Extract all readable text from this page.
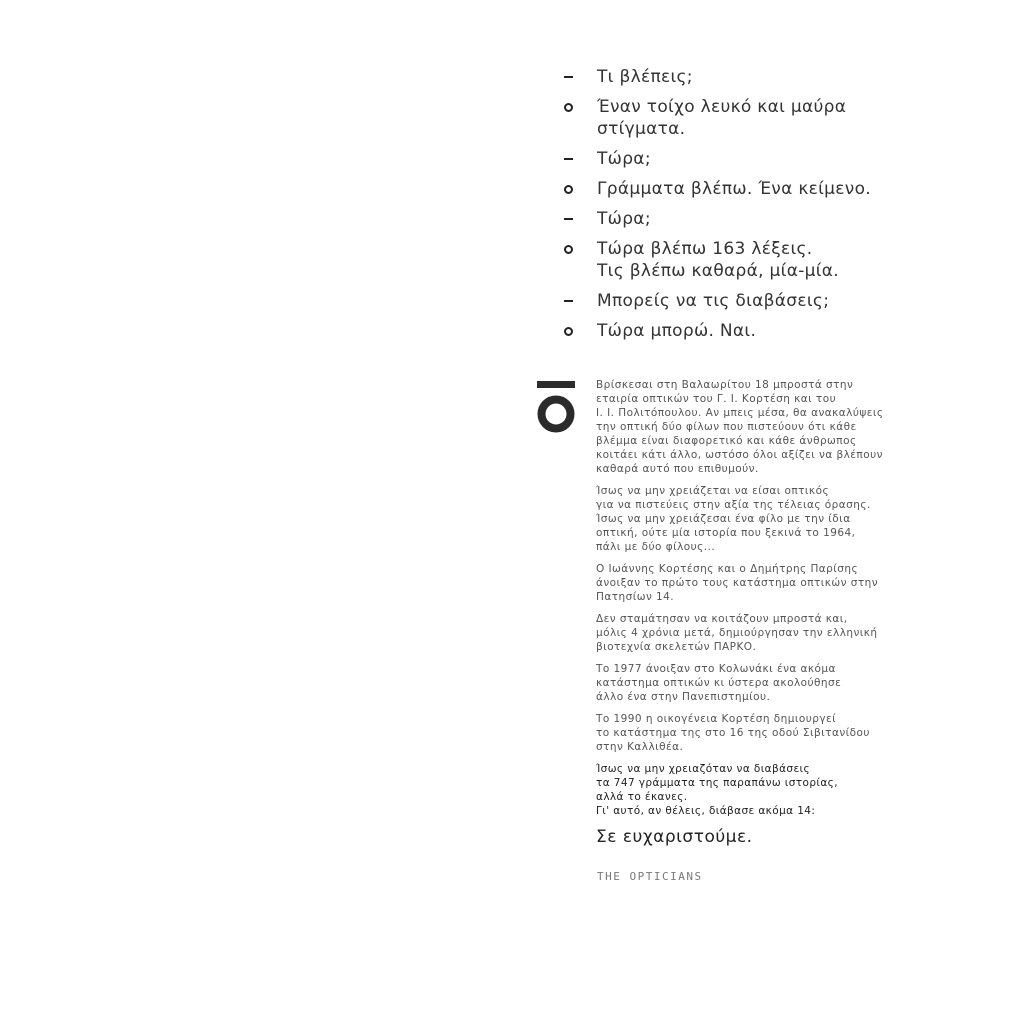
Τι βλέπεις;
Έναν τοίχο λευκό και μαύρα
στίγματα.
Τώρα;
Γράμματα βλέπω. Ένα κείμενο.
Τώρα;
Τώρα βλέπω 163 λέξεις.
Τις βλέπω καθαρά, μία-μία.
Μπορείς να τις διαβάσεις;
Τώρα μπορώ. Ναι.

Βρίσκεσαι στη Βαλαωρίτου 18 μπροστά στην
εταιρία οπτικών του Γ. Ι. Κορτέση και του
Ι. Ι. Πολιτόπουλου. Αν μπεις μέσα, θα ανακαλύψεις
την οπτική δύο φίλων που πιστεύουν ότι κάθε
βλέμμα είναι διαφορετικό και κάθε άνθρωπος
κοιτάει κάτι άλλο, ωστόσο όλοι αξίζει να βλέπουν
καθαρά αυτό που επιθυμούν.

Ίσως να μην χρειάζεται να είσαι οπτικός
για να πιστεύεις στην αξία της τέλειας όρασης.
Ίσως να μην χρειάζεσαι ένα φίλο με την ίδια
οπτική, ούτε μία ιστορία που ξεκινά το 1964,
πάλι με δύο φίλους...

Ο Ιωάννης Κορτέσης και ο Δημήτρης Παρίσης
άνοιξαν το πρώτο τους κατάστημα οπτικών στην
Πατησίων 14.

Δεν σταμάτησαν να κοιτάζουν μπροστά και,
μόλις 4 χρόνια μετά, δημιούργησαν την ελληνική
βιοτεχνία σκελετών ΠΑΡΚΟ.

Το 1977 άνοιξαν στο Κολωνάκι ένα ακόμα
κατάστημα οπτικών κι ύστερα ακολούθησε
άλλο ένα στην Πανεπιστημίου.

Το 1990 η οικογένεια Κορτέση δημιουργεί
το κατάστημα της στο 16 της οδού Σιβιτανίδου
στην Καλλιθέα.

Ίσως να μην χρειαζόταν να διαβάσεις
τα 747 γράμματα της παραπάνω ιστορίας,
αλλά το έκανες.
Γι' αυτό, αν θέλεις, διάβασε ακόμα 14:

Σε ευχαριστούμε.
THE OPTICIANS
